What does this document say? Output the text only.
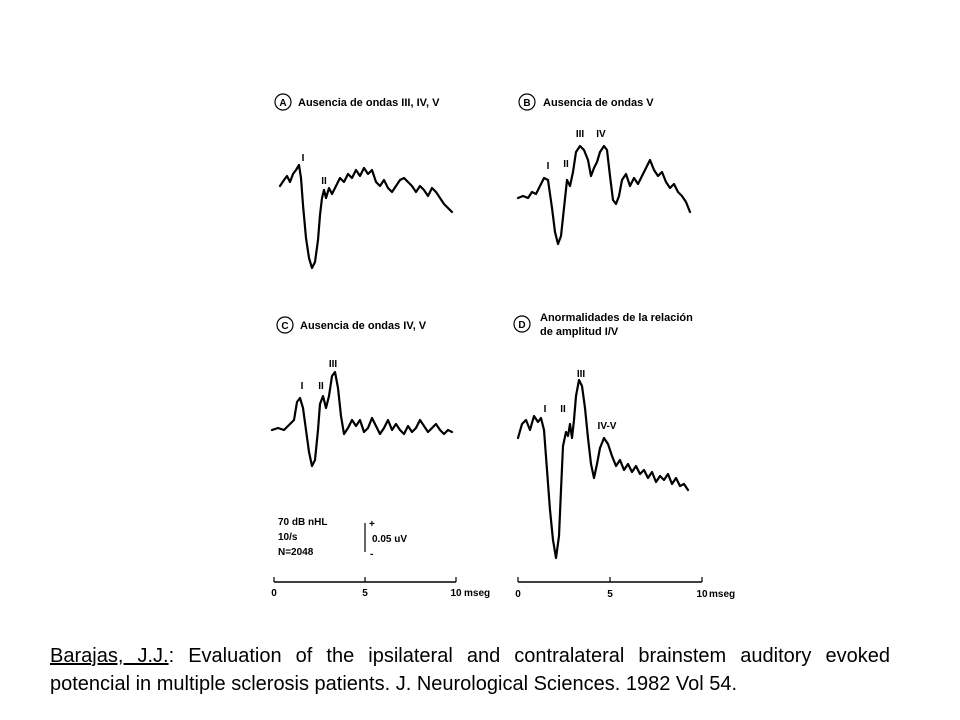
A Ausencia de ondas III, IV, V
I
II
B Ausencia de ondas V
I II
III IV
C Ausencia de ondas IV, V
I II
III
D
Anormalidades de la relación
de amplitud I/V
I II
III
IV-V
70 dB nHL
10/s
N=2048
+
0.05 uV
-
0	5	10 mseg	0	5	10 mseg
Barajas, J.J.: Evaluation of the ipsilateral and contralateral brainstem auditory evoked potencial in multiple sclerosis patients. J. Neurological Sciences. 1982 Vol 54.
